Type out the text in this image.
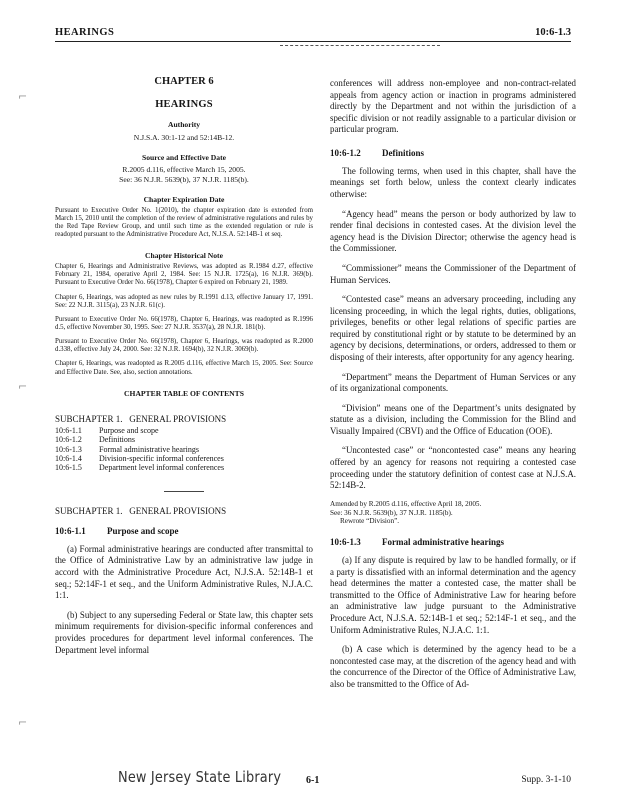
HEARINGS	10:6-1.3
⌐
⌐
⌐

CHAPTER 6

HEARINGS

Authority

N.J.S.A. 30:1-12 and 52:14B-12.

Source and Effective Date

R.2005 d.116, effective March 15, 2005.
See: 36 N.J.R. 5639(b), 37 N.J.R. 1185(b).

Chapter Expiration Date

Pursuant to Executive Order No. 1(2010), the chapter expiration date is extended from March 15, 2010 until the completion of the review of administrative regulations and rules by the Red Tape Review Group, and until such time as the extended regulation or rule is readopted pursuant to the Administrative Procedure Act, N.J.S.A. 52:14B-1 et seq.

Chapter Historical Note

Chapter 6, Hearings and Administrative Reviews, was adopted as R.1984 d.27, effective February 21, 1984, operative April 2, 1984. See: 15 N.J.R. 1725(a), 16 N.J.R. 369(b). Pursuant to Executive Order No. 66(1978), Chapter 6 expired on February 21, 1989.

Chapter 6, Hearings, was adopted as new rules by R.1991 d.13, effective January 17, 1991. See: 22 N.J.R. 3115(a), 23 N.J.R. 61(c).

Pursuant to Executive Order No. 66(1978), Chapter 6, Hearings, was readopted as R.1996 d.5, effective November 30, 1995. See: 27 N.J.R. 3537(a), 28 N.J.R. 181(b).

Pursuant to Executive Order No. 66(1978), Chapter 6, Hearings, was readopted as R.2000 d.338, effective July 24, 2000. See: 32 N.J.R. 1694(b), 32 N.J.R. 3069(b).

Chapter 6, Hearings, was readopted as R.2005 d.116, effective March 15, 2005. See: Source and Effective Date. See, also, section annotations.

CHAPTER TABLE OF CONTENTS

SUBCHAPTER 1.   GENERAL PROVISIONS

10:6-1.1	Purpose and scope
10:6-1.2	Definitions
10:6-1.3	Formal administrative hearings
10:6-1.4	Division-specific informal conferences
10:6-1.5	Department level informal conferences

SUBCHAPTER 1.   GENERAL PROVISIONS

10:6-1.1 Purpose and scope

(a) Formal administrative hearings are conducted after transmittal to the Office of Administrative Law by an administrative law judge in accord with the Administrative Procedure Act, N.J.S.A. 52:14B-1 et seq.; 52:14F-1 et seq., and the Uniform Administrative Rules, N.J.A.C. 1:1.

(b) Subject to any superseding Federal or State law, this chapter sets minimum requirements for division-specific informal conferences and provides procedures for department level informal conferences. The Department level informal

conferences will address non-employee and non-contract-related appeals from agency action or inaction in programs administered directly by the Department and not within the jurisdiction of a specific division or not readily assignable to a particular division or particular program.

10:6-1.2 Definitions

The following terms, when used in this chapter, shall have the meanings set forth below, unless the context clearly indicates otherwise:

“Agency head” means the person or body authorized by law to render final decisions in contested cases. At the division level the agency head is the Division Director; otherwise the agency head is the Commissioner.

“Commissioner” means the Commissioner of the Department of Human Services.

“Contested case” means an adversary proceeding, including any licensing proceeding, in which the legal rights, duties, obligations, privileges, benefits or other legal relations of specific parties are required by constitutional right or by statute to be determined by an agency by decisions, determinations, or orders, addressed to them or disposing of their interests, after opportunity for any agency hearing.

“Department” means the Department of Human Services or any of its organizational components.

“Division” means one of the Department’s units designated by statute as a division, including the Commission for the Blind and Visually Impaired (CBVI) and the Office of Education (OOE).

“Uncontested case” or “noncontested case” means any hearing offered by an agency for reasons not requiring a contested case proceeding under the statutory definition of contest case at N.J.S.A. 52:14B-2.

Amended by R.2005 d.116, effective April 18, 2005.
See: 36 N.J.R. 5639(b), 37 N.J.R. 1185(b).
Rewrote “Division”.

10:6-1.3 Formal administrative hearings

(a) If any dispute is required by law to be handled formally, or if a party is dissatisfied with an informal determination and the agency head determines the matter a contested case, the matter shall be transmitted to the Office of Administrative Law for hearing before an administrative law judge pursuant to the Administrative Procedure Act, N.J.S.A. 52:14B-1 et seq.; 52:14F-1 et seq., and the Uniform Administrative Rules, N.J.A.C. 1:1.

(b) A case which is determined by the agency head to be a noncontested case may, at the discretion of the agency head and with the concurrence of the Director of the Office of Administrative Law, also be transmitted to the Office of Ad-

New Jersey State Library 6-1	Supp. 3-1-10
